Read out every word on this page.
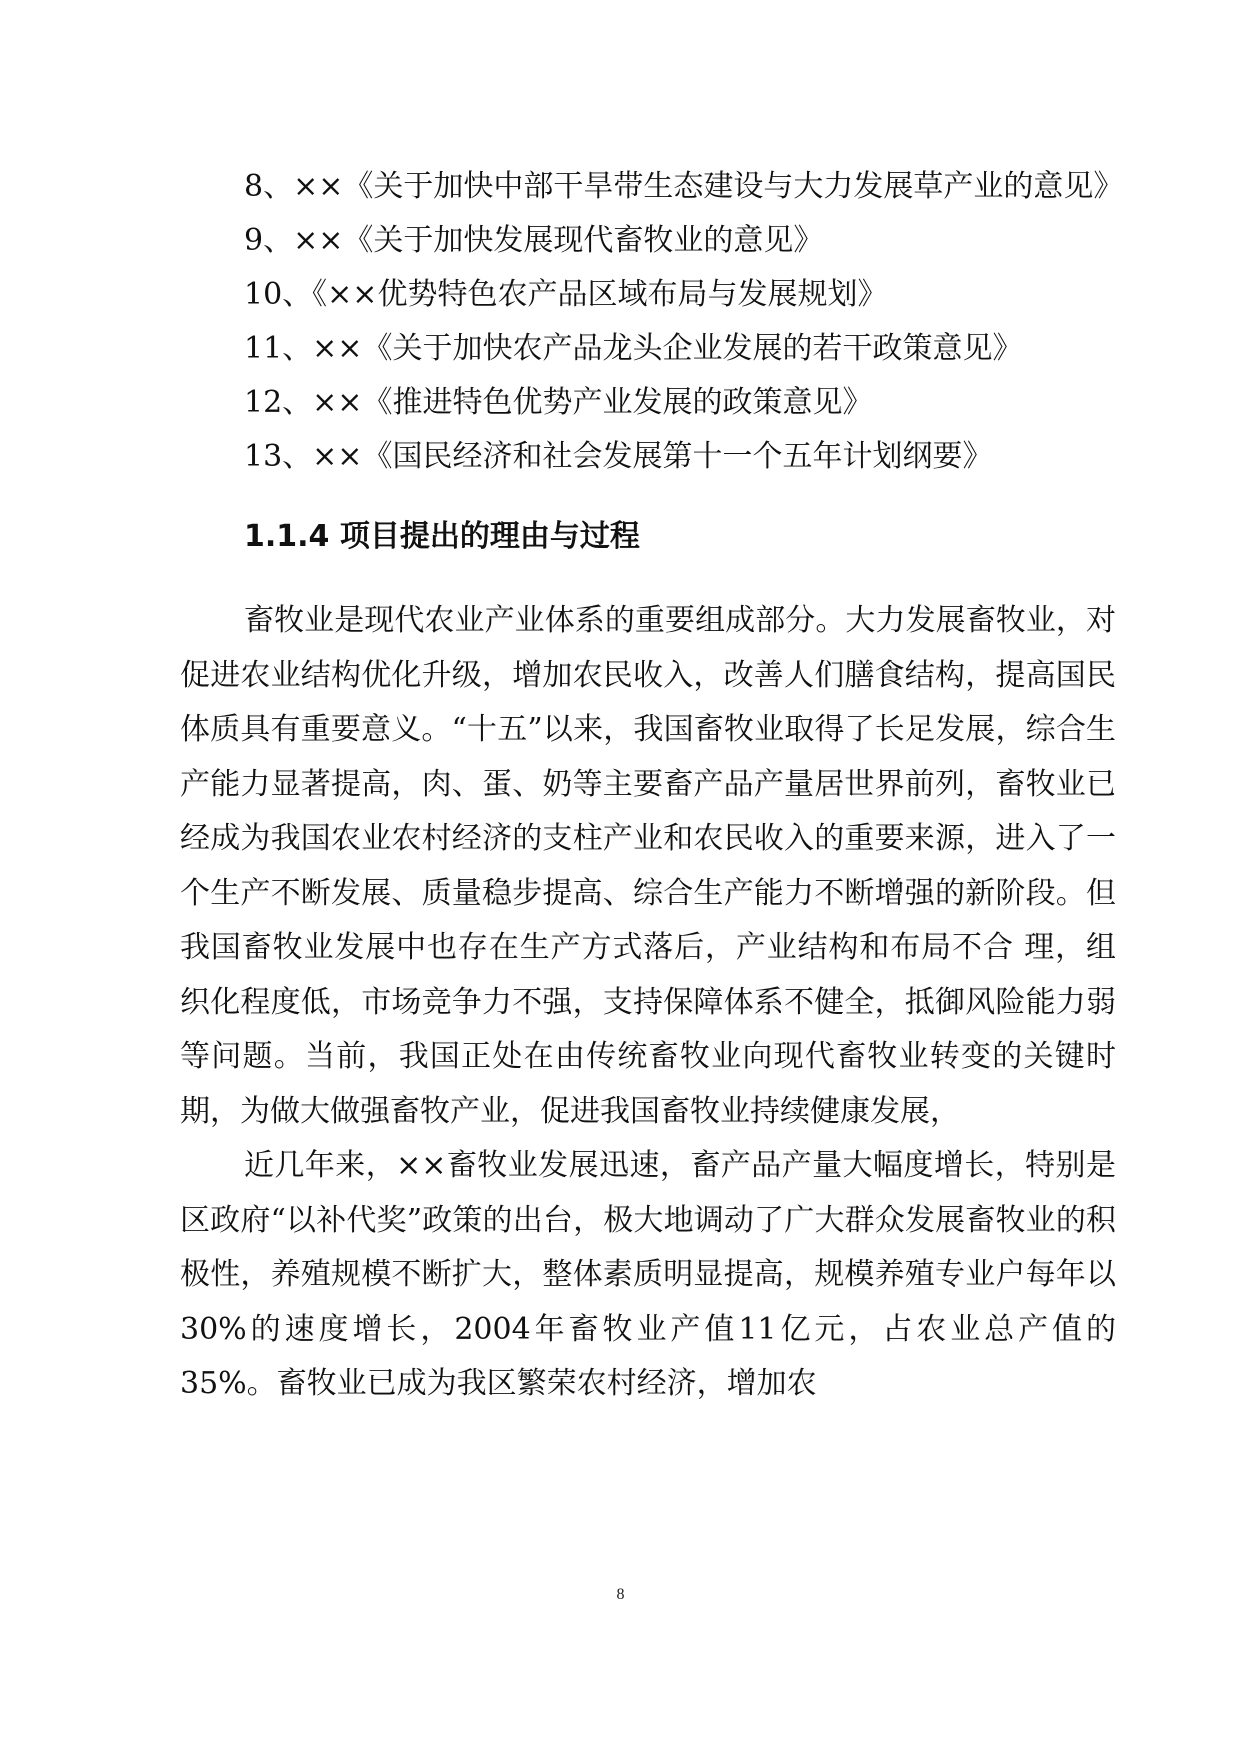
8、××《关于加快中部干旱带生态建设与大力发展草产业的意见》
9、××《关于加快发展现代畜牧业的意见》
10、《××优势特色农产品区域布局与发展规划》
11、××《关于加快农产品龙头企业发展的若干政策意见》
12、××《推进特色优势产业发展的政策意见》
13、××《国民经济和社会发展第十一个五年计划纲要》
1.1.4 项目提出的理由与过程

畜牧业是现代农业产业体系的重要组成部分。大力发展畜牧业，对促进农业结构优化升级，增加农民收入，改善人们膳食结构，提高国民体质具有重要意义。“十五”以来，我国畜牧业取得了长足发展，综合生产能力显著提高，肉、蛋、奶等主要畜产品产量居世界前列，畜牧业已经成为我国农业农村经济的支柱产业和农民收入的重要来源，进入了一个生产不断发展、质量稳步提高、综合生产能力不断增强的新阶段。但我国畜牧业发展中也存在生产方式落后，产业结构和布局不合 理，组织化程度低，市场竞争力不强，支持保障体系不健全，抵御风险能力弱等问题。当前，我国正处在由传统畜牧业向现代畜牧业转变的关键时期，为做大做强畜牧产业，促进我国畜牧业持续健康发展，

近几年来，××畜牧业发展迅速，畜产品产量大幅度增长，特别是区政府“以补代奖”政策的出台，极大地调动了广大群众发展畜牧业的积极性，养殖规模不断扩大，整体素质明显提高，规模养殖专业户每年以30%的速度增长，2004年畜牧业产值11亿元，占农业总产值的35%。畜牧业已成为我区繁荣农村经济，增加农

8
